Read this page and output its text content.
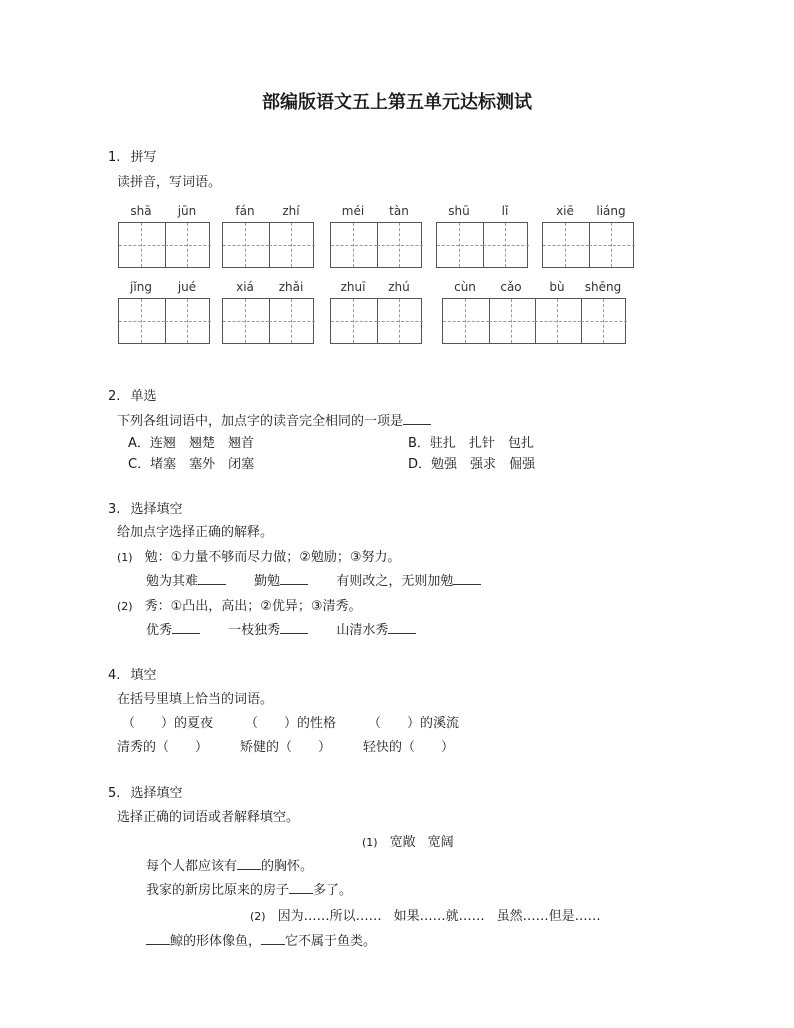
部编版语文五上第五单元达标测试
1. 拼写
读拼音，写词语。
shā	jūn	fán	zhí	méi	tàn	shū	lǐ	xiē	liáng
jǐng	jué	xiá	zhǎi	zhuī	zhú	cùn	cǎo	bù	shēng
2. 单选
下列各组词语中，加点字的读音完全相同的一项是
A．连翘　 翘楚　 翘首	B．驻扎　 扎针　 包扎
C．堵塞　 塞外　 闭塞	D．勉强　 强求　 倔强
3. 选择填空
给加点字选择正确的解释。
(1) 勉：①力量不够而尽力做；②勉励；③努力。
勉为其难	勤勉	有则改之，无则加勉
(2) 秀：①凸出，高出；②优异；③清秀。
优秀	一枝独秀	山清水秀
4. 填空
在括号里填上恰当的词语。
（　　）的夏夜 （　　）的性格 （　　）的溪流
清秀的（　　） 矫健的（　　） 轻快的（　　）
5. 选择填空
选择正确的词语或者解释填空。
(1) 宽敞 宽阔
每个人都应该有 的胸怀。
我家的新房比原来的房子 多了。
(2) 因为……所以…… 如果……就…… 虽然……但是……
鲸的形体像鱼， 它不属于鱼类。
